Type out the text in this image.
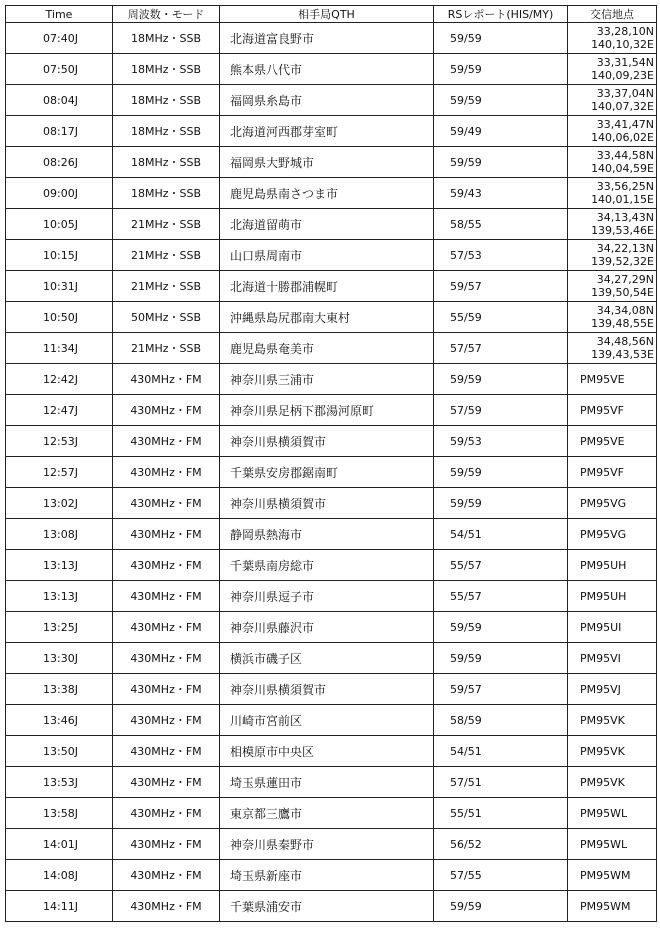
Time	周波数・モード	相手局QTH	RSレポート(HIS/MY)	交信地点
07:40J	18MHz・SSB	北海道富良野市	59/59	33,28,10N
140,10,32E

07:50J	18MHz・SSB	熊本県八代市	59/59	33,31,54N
140,09,23E

08:04J	18MHz・SSB	福岡県糸島市	59/59	33,37,04N
140,07,32E

08:17J	18MHz・SSB	北海道河西郡芽室町	59/49	33,41,47N
140,06,02E

08:26J	18MHz・SSB	福岡県大野城市	59/59	33,44,58N
140,04,59E

09:00J	18MHz・SSB	鹿児島県南さつま市	59/43	33,56,25N
140,01,15E

10:05J	21MHz・SSB	北海道留萌市	58/55	34,13,43N
139,53,46E

10:15J	21MHz・SSB	山口県周南市	57/53	34,22,13N
139,52,32E

10:31J	21MHz・SSB	北海道十勝郡浦幌町	59/57	34,27,29N
139,50,54E

10:50J	50MHz・SSB	沖縄県島尻郡南大東村	55/59	34,34,08N
139,48,55E

11:34J	21MHz・SSB	鹿児島県奄美市	57/57	34,48,56N
139,43,53E

12:42J	430MHz・FM	神奈川県三浦市	59/59	PM95VE
12:47J	430MHz・FM	神奈川県足柄下郡湯河原町	57/59	PM95VF
12:53J	430MHz・FM	神奈川県横須賀市	59/53	PM95VE
12:57J	430MHz・FM	千葉県安房郡鋸南町	59/59	PM95VF
13:02J	430MHz・FM	神奈川県横須賀市	59/59	PM95VG
13:08J	430MHz・FM	静岡県熱海市	54/51	PM95VG
13:13J	430MHz・FM	千葉県南房総市	55/57	PM95UH
13:13J	430MHz・FM	神奈川県逗子市	55/57	PM95UH
13:25J	430MHz・FM	神奈川県藤沢市	59/59	PM95UI
13:30J	430MHz・FM	横浜市磯子区	59/59	PM95VI
13:38J	430MHz・FM	神奈川県横須賀市	59/57	PM95VJ
13:46J	430MHz・FM	川崎市宮前区	58/59	PM95VK
13:50J	430MHz・FM	相模原市中央区	54/51	PM95VK
13:53J	430MHz・FM	埼玉県蓮田市	57/51	PM95VK
13:58J	430MHz・FM	東京都三鷹市	55/51	PM95WL
14:01J	430MHz・FM	神奈川県秦野市	56/52	PM95WL
14:08J	430MHz・FM	埼玉県新座市	57/55	PM95WM
14:11J	430MHz・FM	千葉県浦安市	59/59	PM95WM
